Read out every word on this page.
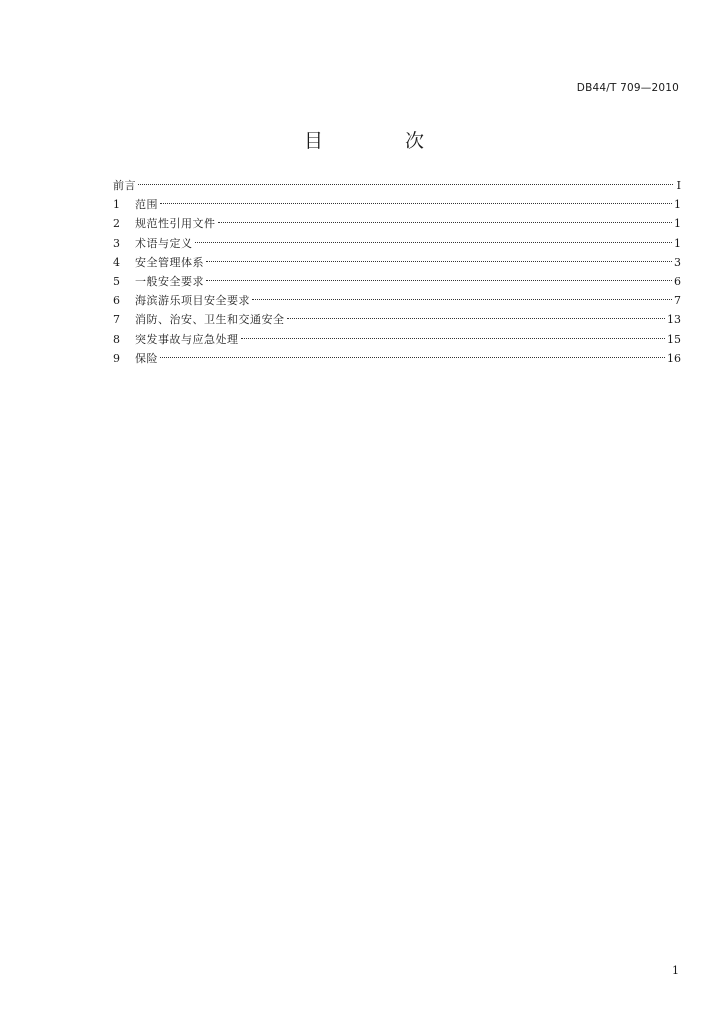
DB44/T 709—2010
目 次
前言	I
1	范围	1
2	规范性引用文件	1
3	术语与定义	1
4	安全管理体系	3
5	一般安全要求	6
6	海滨游乐项目安全要求	7
7	消防、治安、卫生和交通安全	13
8	突发事故与应急处理	15
9	保险	16
1
